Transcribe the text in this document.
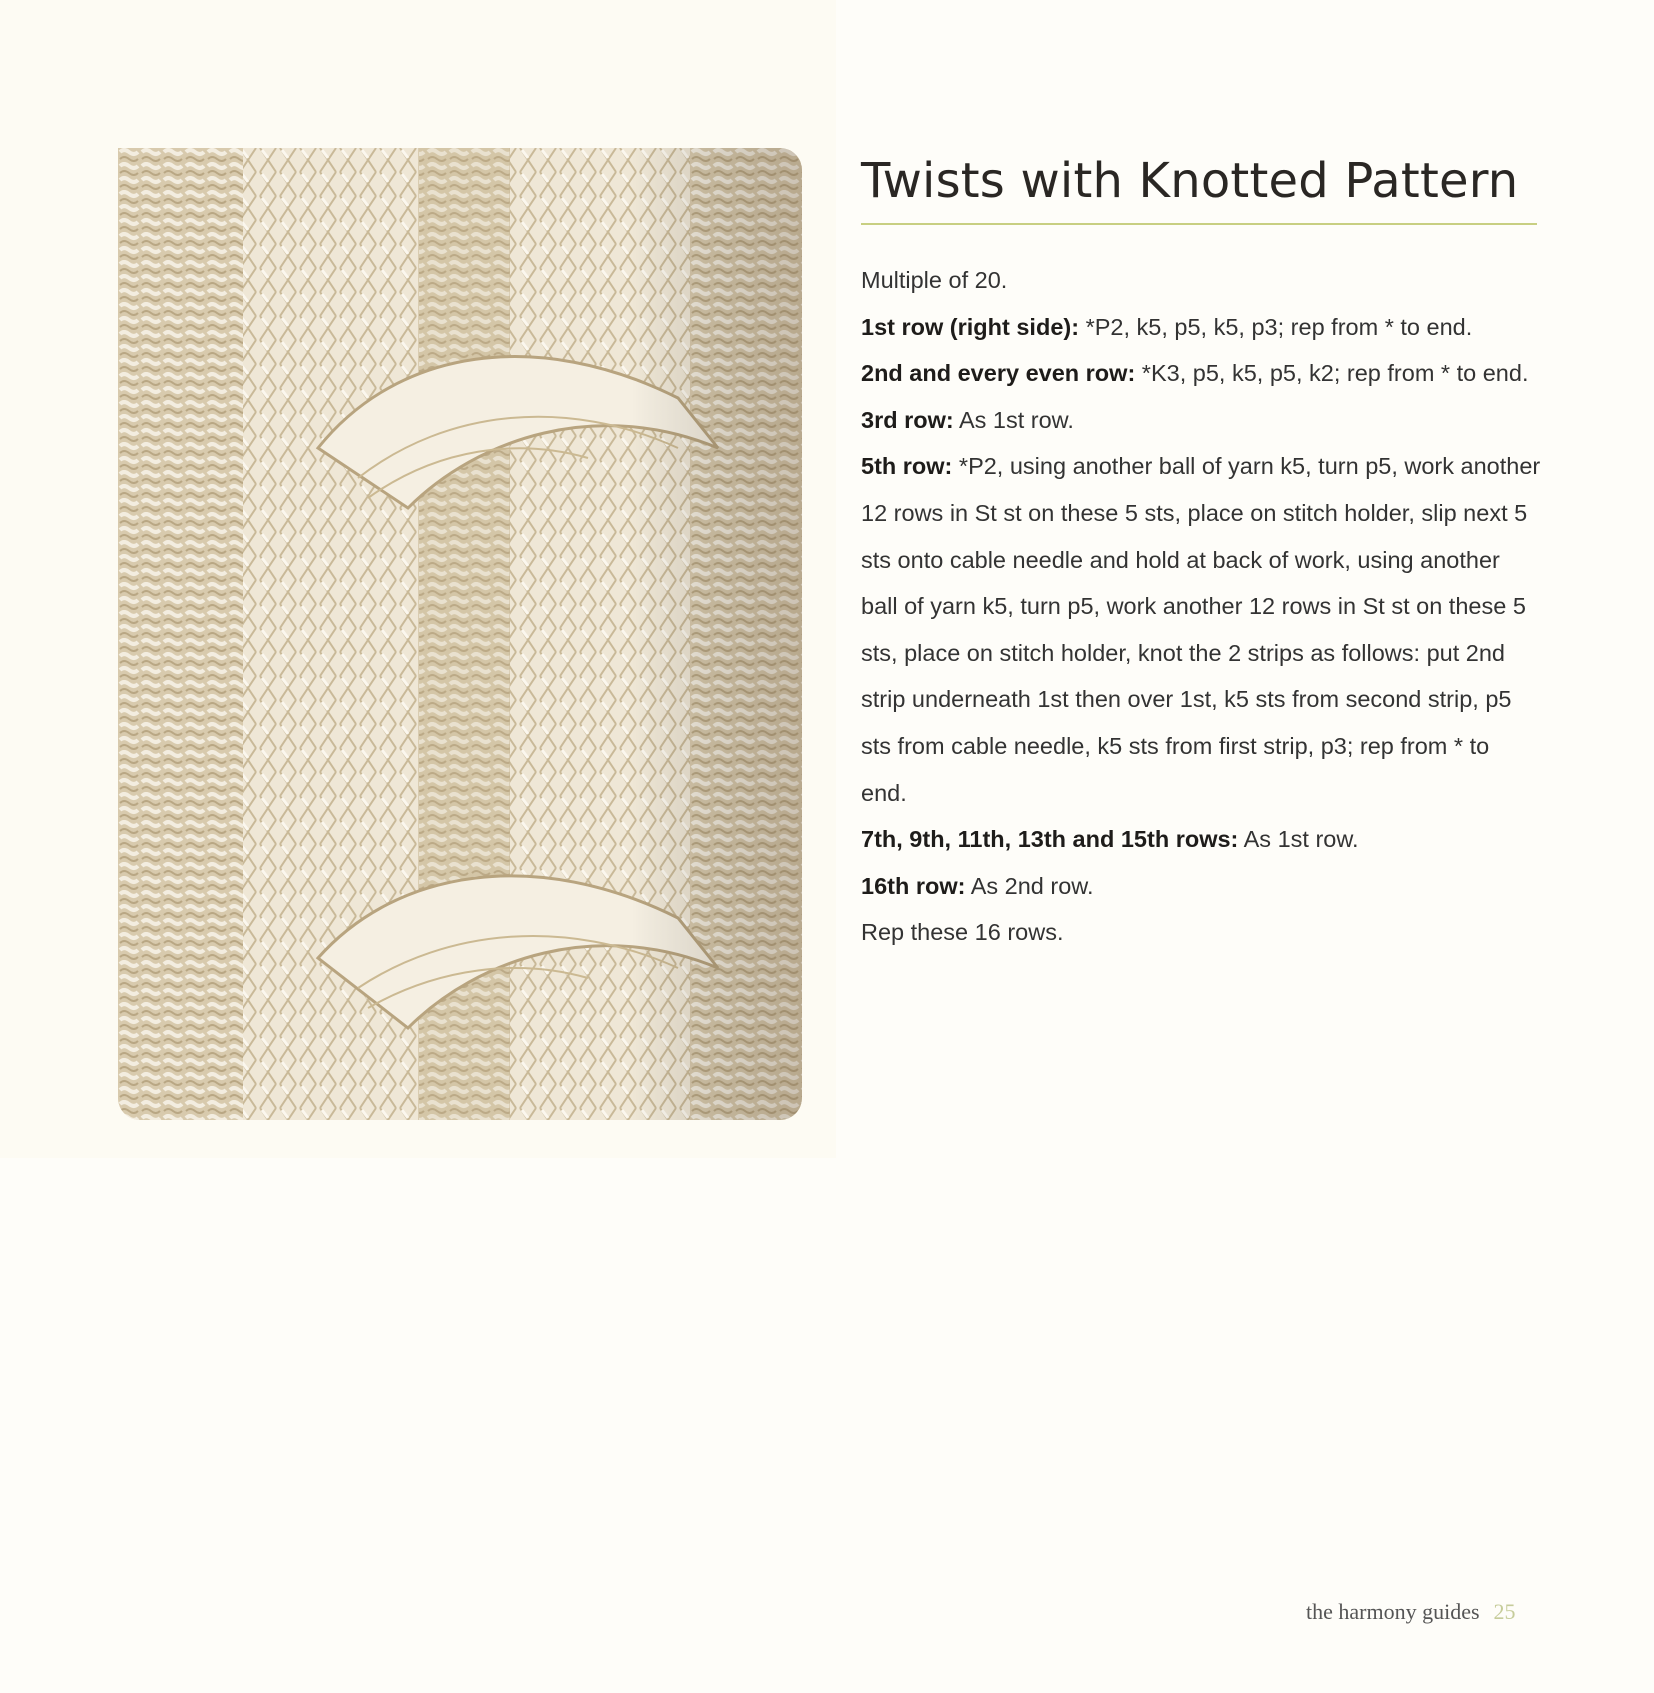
Twists with Knotted Pattern

Multiple of 20.

1st row (right side): *P2, k5, p5, k5, p3; rep from * to end.

2nd and every even row: *K3, p5, k5, p5, k2; rep from * to end.

3rd row: As 1st row.

5th row: *P2, using another ball of yarn k5, turn p5, work another 12 rows in St st on these 5 sts, place on stitch holder, slip next 5 sts onto cable needle and hold at back of work, using another ball of yarn k5, turn p5, work another 12 rows in St st on these 5 sts, place on stitch holder, knot the 2 strips as follows: put 2nd strip underneath 1st then over 1st, k5 sts from second strip, p5 sts from cable needle, k5 sts from first strip, p3; rep from * to end.

7th, 9th, 11th, 13th and 15th rows: As 1st row.

16th row: As 2nd row.

Rep these 16 rows.

the harmony guides 25
